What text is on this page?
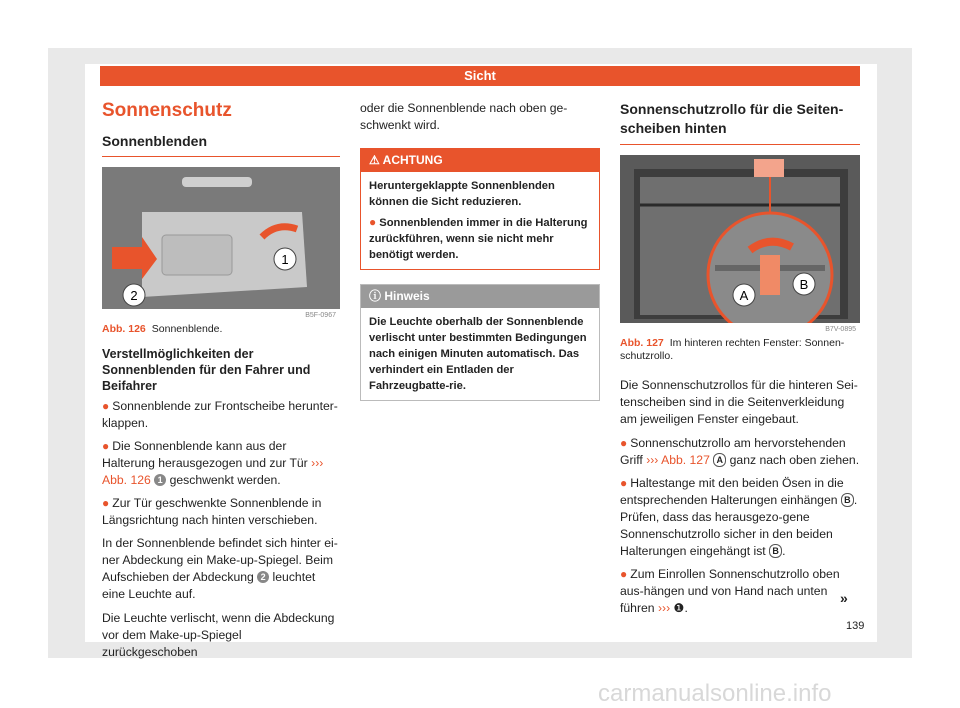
Sicht
Sonnenschutz
Sonnenblenden
1
2
B5F-0967
Abb. 126 Sonnenblende.
Verstellmöglichkeiten der Sonnenblenden für den Fahrer und Beifahrer
● Sonnenblende zur Frontscheibe herunter-klappen.
● Die Sonnenblende kann aus der Halterung herausgezogen und zur Tür ››› Abb. 126 1 geschwenkt werden.
● Zur Tür geschwenkte Sonnenblende in Längsrichtung nach hinten verschieben.

In der Sonnenblende befindet sich hinter ei-ner Abdeckung ein Make-up-Spiegel. Beim Aufschieben der Abdeckung 2 leuchtet eine Leuchte auf.

Die Leuchte verlischt, wenn die Abdeckung vor dem Make-up-Spiegel zurückgeschoben

oder die Sonnenblende nach oben ge-schwenkt wird.

⚠ ACHTUNG
Heruntergeklappte Sonnenblenden können die Sicht reduzieren.
● Sonnenblenden immer in die Halterung zurückführen, wenn sie nicht mehr benötigt werden.
ⓘ Hinweis
Die Leuchte oberhalb der Sonnenblende verlischt unter bestimmten Bedingungen nach einigen Minuten automatisch. Das verhindert ein Entladen der Fahrzeugbatte-rie.
Sonnenschutzrollo für die Seiten-scheiben hinten
A
B
B7V-0895
Abb. 127 Im hinteren rechten Fenster: Sonnen-schutzrollo.

Die Sonnenschutzrollos für die hinteren Sei-tenscheiben sind in die Seitenverkleidung am jeweiligen Fenster eingebaut.

● Sonnenschutzrollo am hervorstehenden Griff ››› Abb. 127 A ganz nach oben ziehen.
● Haltestange mit den beiden Ösen in die entsprechenden Halterungen einhängen B . Prüfen, dass das herausgezo-gene Sonnenschutzrollo sicher in den beiden Halterungen eingehängt ist B .
● Zum Einrollen Sonnenschutzrollo oben aus-hängen und von Hand nach unten führen ››› ❶.
»
139
carmanualsonline.info
